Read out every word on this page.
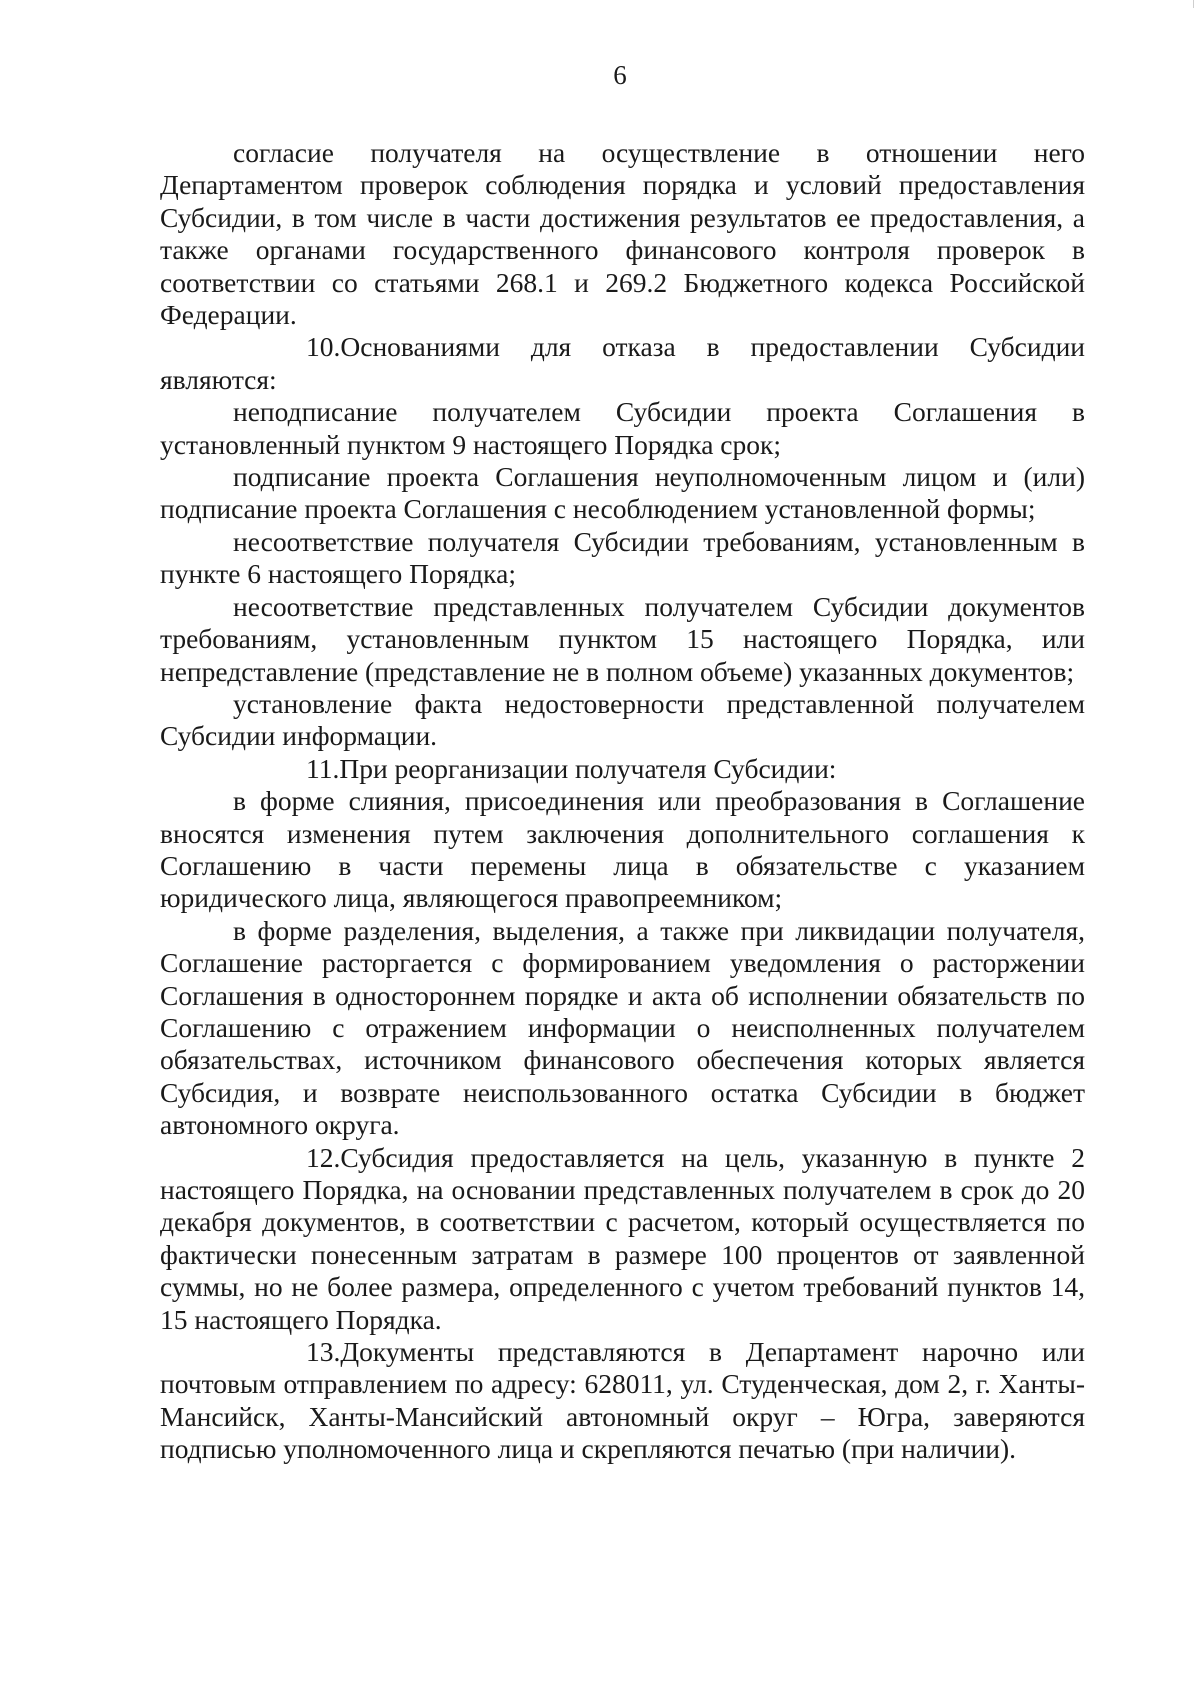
6

согласие получателя на осуществление в отношении него Департаментом проверок соблюдения порядка и условий предоставления Субсидии, в том числе в части достижения результатов ее предоставления, а также органами государственного финансового контроля проверок в соответствии со статьями 268.1 и 269.2 Бюджетного кодекса Российской Федерации.

10.Основаниями для отказа в предоставлении Субсидии являются:

неподписание получателем Субсидии проекта Соглашения в установленный пунктом 9 настоящего Порядка срок;

подписание проекта Соглашения неуполномоченным лицом и (или) подписание проекта Соглашения с несоблюдением установленной формы;

несоответствие получателя Субсидии требованиям, установленным в пункте 6 настоящего Порядка;

несоответствие представленных получателем Субсидии документов требованиям, установленным пунктом 15 настоящего Порядка, или непредставление (представление не в полном объеме) указанных документов;

установление факта недостоверности представленной получателем Субсидии информации.

11.При реорганизации получателя Субсидии:

в форме слияния, присоединения или преобразования в Соглашение вносятся изменения путем заключения дополнительного соглашения к Соглашению в части перемены лица в обязательстве с указанием юридического лица, являющегося правопреемником;

в форме разделения, выделения, а также при ликвидации получателя, Соглашение расторгается с формированием уведомления о расторжении Соглашения в одностороннем порядке и акта об исполнении обязательств по Соглашению с отражением информации о неисполненных получателем обязательствах, источником финансового обеспечения которых является Субсидия, и возврате неиспользованного остатка Субсидии в бюджет автономного округа.

12.Субсидия предоставляется на цель, указанную в пункте 2 настоящего Порядка, на основании представленных получателем в срок до 20 декабря документов, в соответствии с расчетом, который осуществляется по фактически понесенным затратам в размере 100 процентов от заявленной суммы, но не более размера, определенного с учетом требований пунктов 14, 15 настоящего Порядка.

13.Документы представляются в Департамент нарочно или почтовым отправлением по адресу: 628011, ул. Студенческая, дом 2, г. Ханты-Мансийск, Ханты-Мансийский автономный округ – Югра, заверяются подписью уполномоченного лица и скрепляются печатью (при наличии).
